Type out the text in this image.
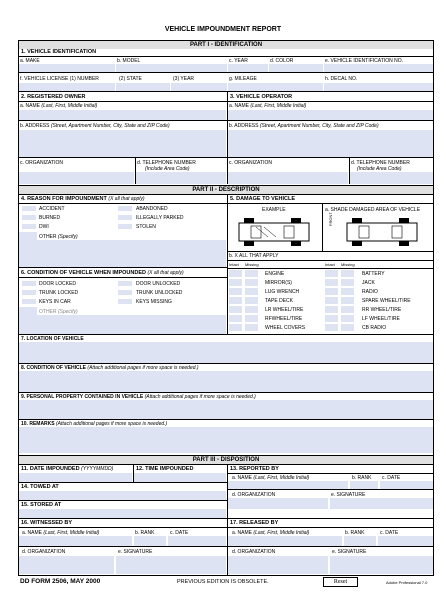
VEHICLE IMPOUNDMENT REPORT
PART I - IDENTIFICATION
1. VEHICLE IDENTIFICATION
a. MAKE	b. MODEL	c. YEAR	d. COLOR	e. VEHICLE IDENTIFICATION NO.
f. VEHICLE LICENSE (1) NUMBER	(2) STATE	(3) YEAR	g. MILEAGE	h. DECAL NO.
2. REGISTERED OWNER	3. VEHICLE OPERATOR
a. NAME (Last, First, Middle Initial)	a. NAME (Last, First, Middle Initial)
b. ADDRESS (Street, Apartment Number, City, State and ZIP Code)	b. ADDRESS (Street, Apartment Number, City, State and ZIP Code)
c. ORGANIZATION	d. TELEPHONE NUMBER
(Include Area Code)
c. ORGANIZATION	d. TELEPHONE NUMBER
(Include Area Code)
PART II - DESCRIPTION
4. REASON FOR IMPOUNDMENT (X all that apply)	5. DAMAGE TO VEHICLE
ACCIDENT
BURNED
DWI
ABANDONED
ILLEGALLY PARKED
STOLEN
OTHER (Specify)
EXAMPLE	a. SHADE DAMAGED AREA OF VEHICLE
FRONT
b. X ALL THAT APPLY
Intact Missing	Intact Missing
6. CONDITION OF VEHICLE WHEN IMPOUNDED (X all that apply)
DOOR LOCKED
TRUNK LOCKED
KEYS IN CAR
DOOR UNLOCKED
TRUNK UNLOCKED
KEYS MISSING
OTHER (Specify)
ENGINE	BATTERY
MIRROR(S)	JACK
LUG WRENCH	RADIO
TAPE DECK	SPARE WHEEL/TIRE
LR WHEEL/TIRE	RR WHEEL/TIRE
RFWHEEL/TIRE	LF WHEEL/TIRE
WHEEL COVERS	CB RADIO
7. LOCATION OF VEHICLE
8. CONDITION OF VEHICLE (Attach additional pages if more space is needed.)
9. PERSONAL PROPERTY CONTAINED IN VEHICLE (Attach additional pages if more space is needed.)
10. REMARKS (Attach additional pages if more space is needed.)
PART III - DISPOSITION
11. DATE IMPOUNDED (YYYYMMDD)	12. TIME IMPOUNDED	13. REPORTED BY
a. NAME (Last, First, Middle Initial)	b. RANK c. DATE
14. TOWED AT
d. ORGANIZATION	e. SIGNATURE
15. STORED AT
16. WITNESSED BY	17. RELEASED BY
a. NAME (Last, First, Middle Initial)	b. RANK	c. DATE	a. NAME (Last, First, Middle Initial)	b. RANK	c. DATE
d. ORGANIZATION	e. SIGNATURE	d. ORGANIZATION	e. SIGNATURE
DD FORM 2506, MAY 2000	PREVIOUS EDITION IS OBSOLETE.	Reset	Adobe Professional 7.0
